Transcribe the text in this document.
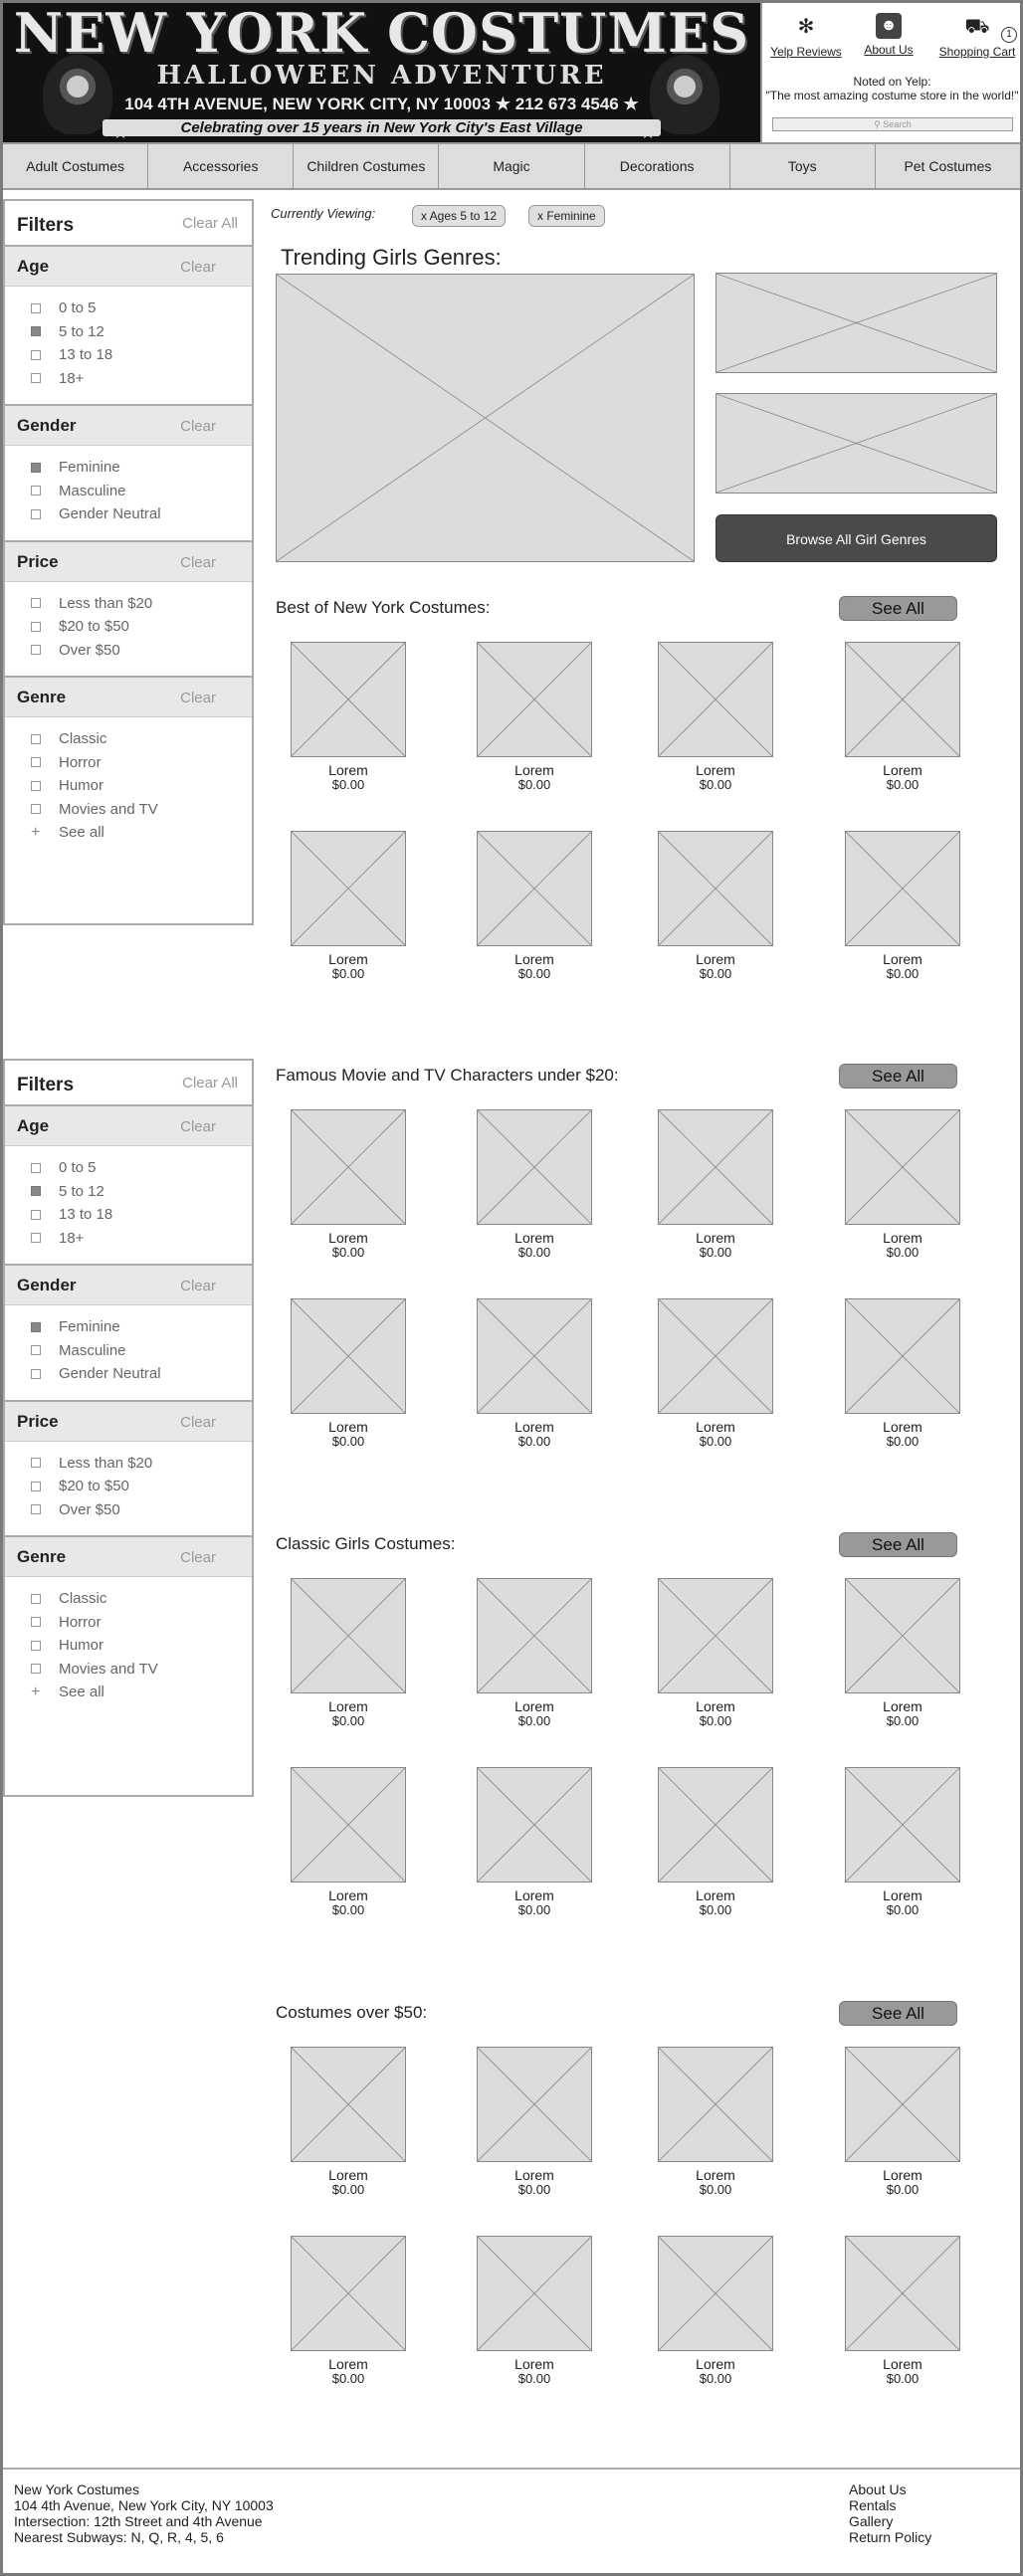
NEW YORK COSTUMES
HALLOWEEN ADVENTURE
104 4TH AVENUE, NEW YORK CITY, NY 10003 ★ 212 673 4546 ★
Celebrating over 15 years in New York City's East Village
★	★
✻
Yelp Reviews
☻
About Us
⛟	1
Shopping Cart
Noted on Yelp:
"The most amazing costume store in the world!"
⚲ Search
Adult Costumes	Accessories	Children Costumes	Magic	Decorations	Toys	Pet Costumes
Filters	Clear All
Age	Clear
0 to 5
5 to 12
13 to 18
18+
Gender	Clear
Feminine
Masculine
Gender Neutral
Price	Clear
Less than $20
$20 to $50
Over $50
Genre	Clear
Classic
Horror
Humor
Movies and TV
+ See all
Filters	Clear All
Age	Clear
0 to 5
5 to 12
13 to 18
18+
Gender	Clear
Feminine
Masculine
Gender Neutral
Price	Clear
Less than $20
$20 to $50
Over $50
Genre	Clear
Classic
Horror
Humor
Movies and TV
+ See all
Currently Viewing:	x Ages 5 to 12	x Feminine
Trending Girls Genres:
Browse All Girl Genres
Best of New York Costumes:	See All
Lorem
$0.00
Lorem
$0.00
Lorem
$0.00
Lorem
$0.00
Lorem
$0.00
Lorem
$0.00
Lorem
$0.00
Lorem
$0.00
Famous Movie and TV Characters under $20:	See All
Lorem
$0.00
Lorem
$0.00
Lorem
$0.00
Lorem
$0.00
Lorem
$0.00
Lorem
$0.00
Lorem
$0.00
Lorem
$0.00
Classic Girls Costumes:	See All
Lorem
$0.00
Lorem
$0.00
Lorem
$0.00
Lorem
$0.00
Lorem
$0.00
Lorem
$0.00
Lorem
$0.00
Lorem
$0.00
Costumes over $50:	See All
Lorem
$0.00
Lorem
$0.00
Lorem
$0.00
Lorem
$0.00
Lorem
$0.00
Lorem
$0.00
Lorem
$0.00
Lorem
$0.00
New York Costumes
104 4th Avenue, New York City, NY 10003
Intersection: 12th Street and 4th Avenue
Nearest Subways: N, Q, R, 4, 5, 6
About Us
Rentals
Gallery
Return Policy
